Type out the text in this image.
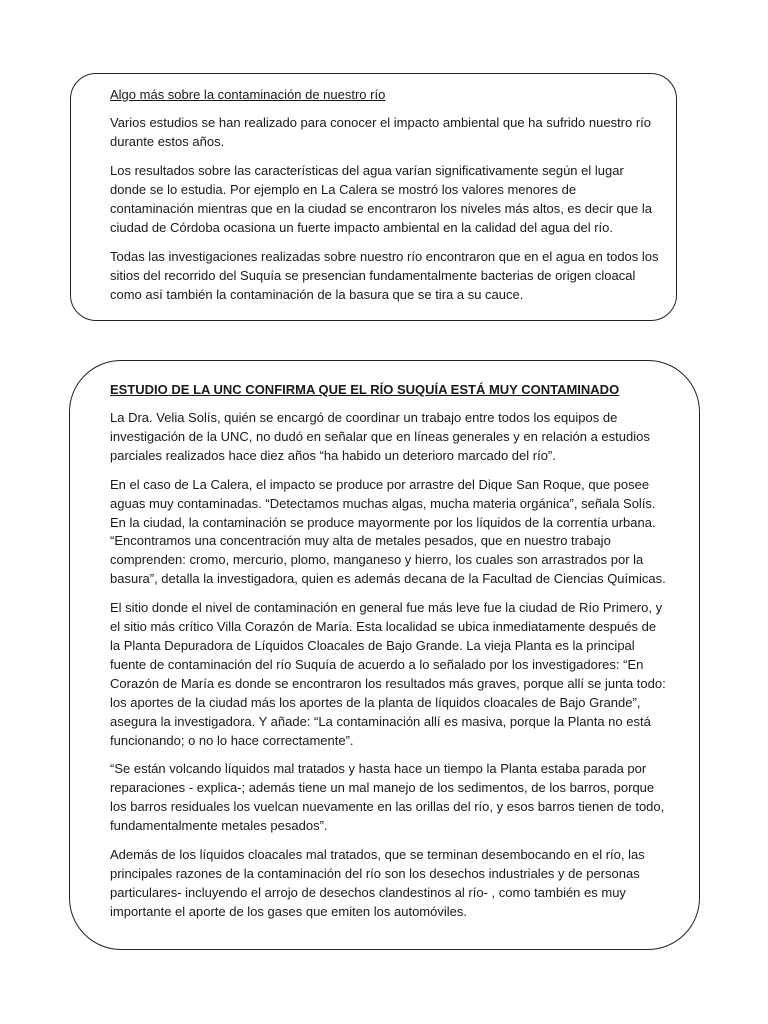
Algo más sobre la contaminación de nuestro río

Varios estudios se han realizado para conocer el impacto ambiental que ha sufrido nuestro río durante estos años.

Los resultados sobre las características del agua varían significativamente según el lugar donde se lo estudia. Por ejemplo en La Calera se mostró los valores menores de contaminación mientras que en la ciudad se encontraron los niveles más altos, es decir que la ciudad de Córdoba ocasiona un fuerte impacto ambiental en la calidad del agua del río.

Todas las investigaciones realizadas sobre nuestro río encontraron que en el agua en todos los sitios del recorrido del Suquía se presencian fundamentalmente bacterias de origen cloacal como así también la contaminación de la basura que se tira a su cauce.

ESTUDIO DE LA UNC CONFIRMA QUE EL RÍO SUQUÍA ESTÁ MUY CONTAMINADO

La Dra. Velia Solís, quién se encargó de coordinar un trabajo entre todos los equipos de investigación de la UNC, no dudó en señalar que en líneas generales y en relación a estudios parciales realizados hace diez años “ha habido un deterioro marcado del río”.

En el caso de La Calera, el impacto se produce por arrastre del Dique San Roque, que posee aguas muy contaminadas. “Detectamos muchas algas, mucha materia orgánica”, señala Solís. En la ciudad, la contaminación se produce mayormente por los líquidos de la correntía urbana. “Encontramos una concentración muy alta de metales pesados, que en nuestro trabajo comprenden: cromo, mercurio, plomo, manganeso y hierro, los cuales son arrastrados por la basura”, detalla la investigadora, quien es además decana de la Facultad de Ciencias Químicas.

El sitio donde el nivel de contaminación en general fue más leve fue la ciudad de Río Primero, y el sitio más crítico Villa Corazón de María. Esta localidad se ubica inmediatamente después de la Planta Depuradora de Líquidos Cloacales de Bajo Grande. La vieja Planta es la principal fuente de contaminación del río Suquía de acuerdo a lo señalado por los investigadores: “En Corazón de María es donde se encontraron los resultados más graves, porque allí se junta todo: los aportes de la ciudad más los aportes de la planta de líquidos cloacales de Bajo Grande”, asegura la investigadora. Y añade: “La contaminación allí es masiva, porque la Planta no está funcionando; o no lo hace correctamente”.

“Se están volcando líquidos mal tratados y hasta hace un tiempo la Planta estaba parada por reparaciones - explica-; además tiene un mal manejo de los sedimentos, de los barros, porque los barros residuales los vuelcan nuevamente en las orillas del río, y esos barros tienen de todo, fundamentalmente metales pesados”.

Además de los líquidos cloacales mal tratados, que se terminan desembocando en el río, las principales razones de la contaminación del río son los desechos industriales y de personas particulares- incluyendo el arrojo de desechos clandestinos al río- , como también es muy importante el aporte de los gases que emiten los automóviles.
